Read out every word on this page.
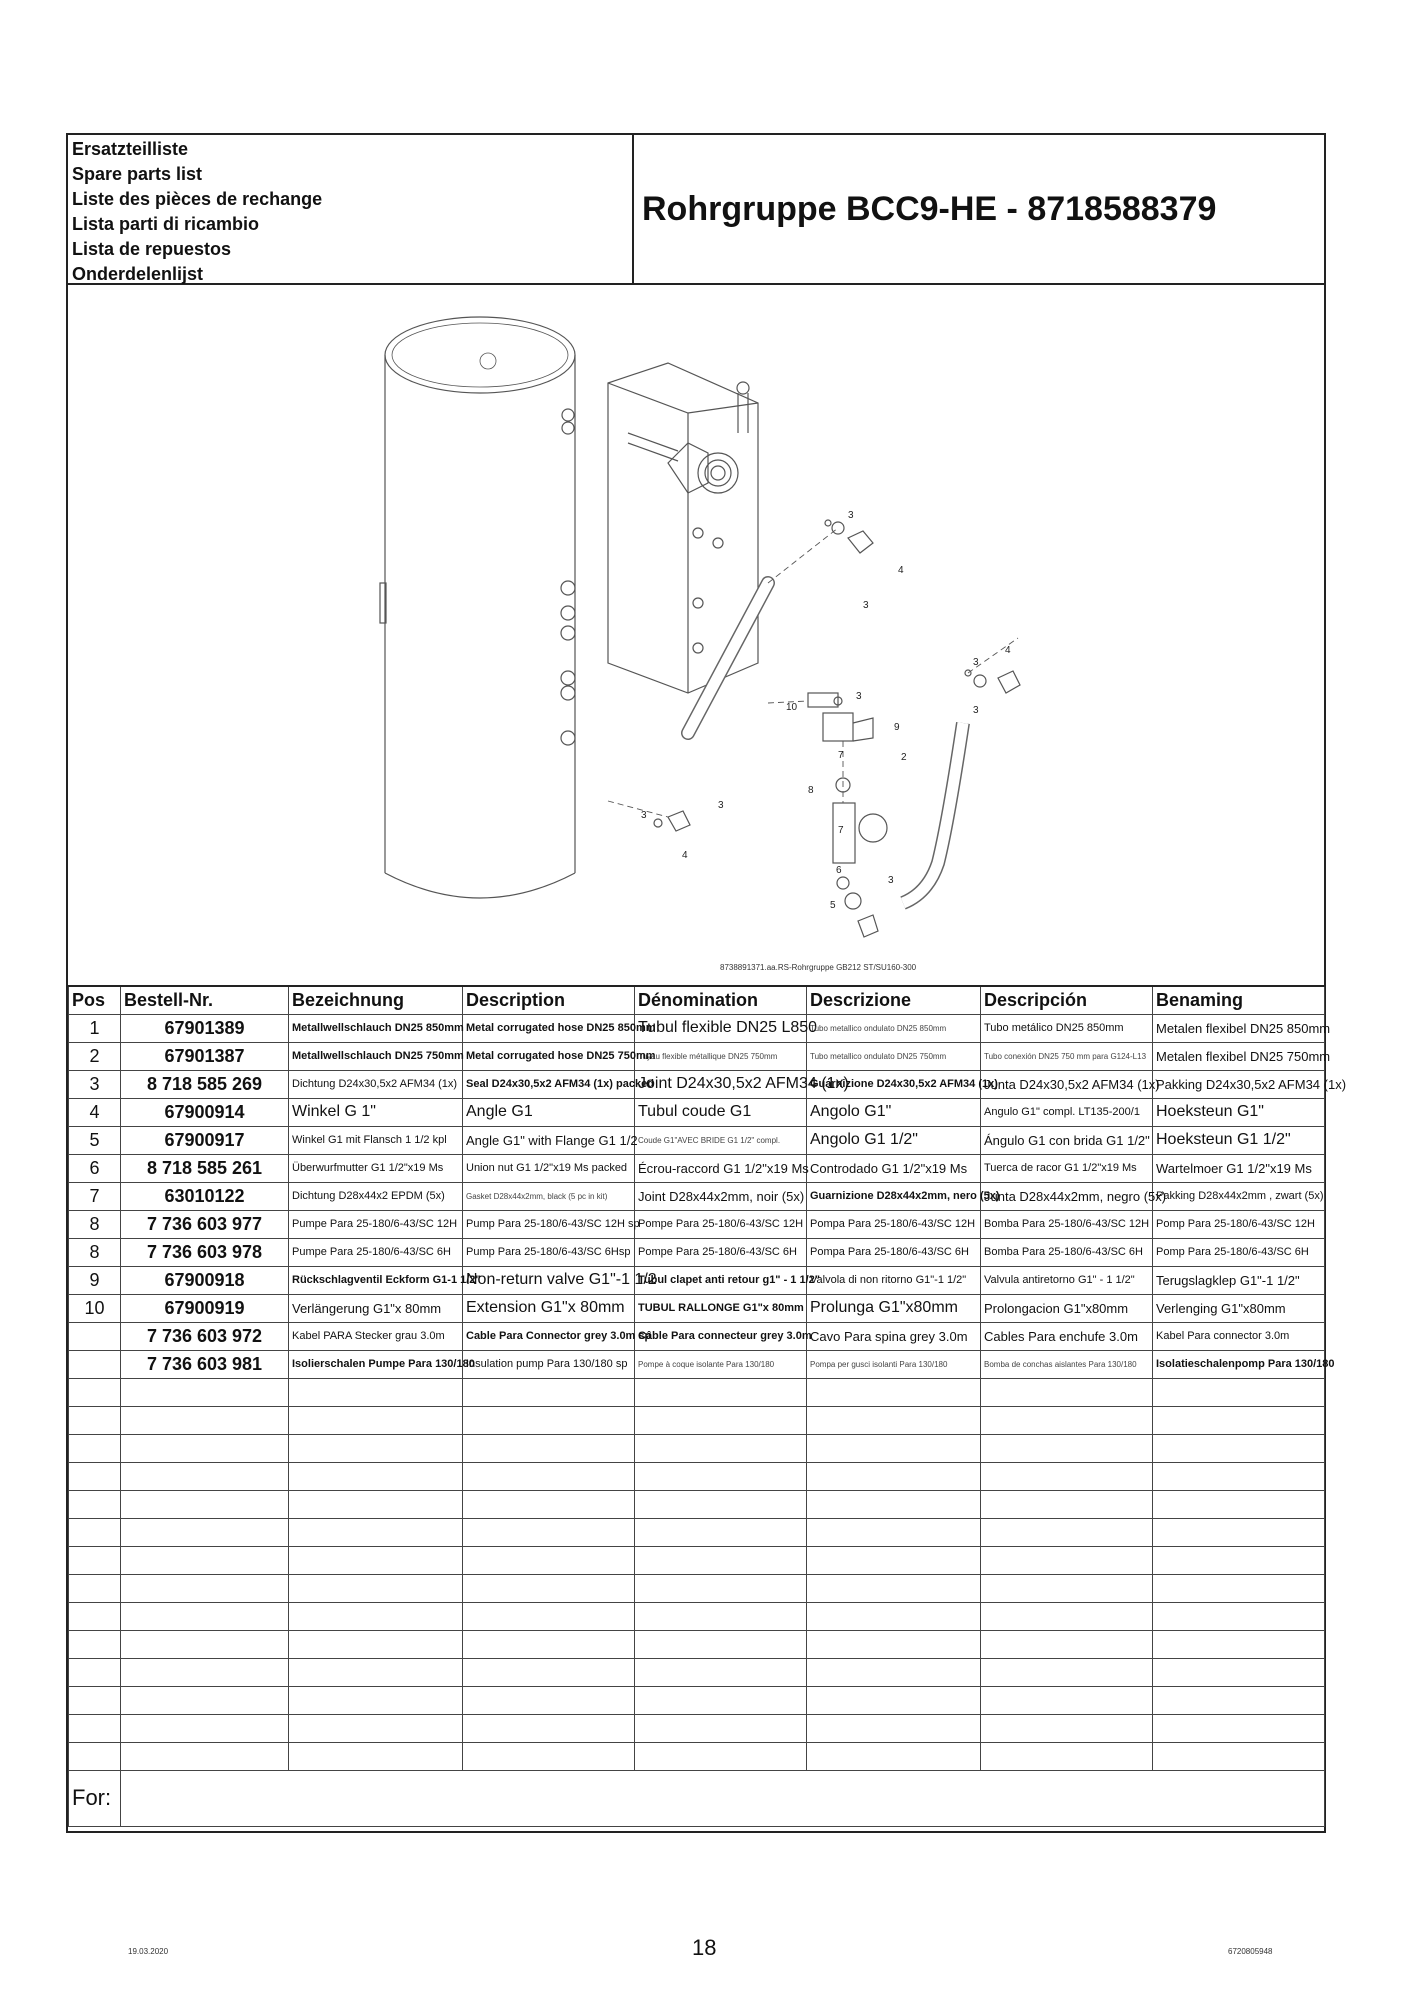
Ersatzteilliste
Spare parts list
Liste des pièces de rechange
Lista parti di ricambio
Lista de repuestos
Onderdelenlijst
Rohrgruppe BCC9-HE - 8718588379
3
4
3
4
3
3
3
10
9
2
7
8
7
6
5
3
3
4
3
8738891371.aa.RS-Rohrgruppe GB212 ST/SU160-300
Pos	Bestell-Nr.	Bezeichnung	Description	Dénomination	Descrizione	Descripción	Benaming
1	67901389	Metallwellschlauch DN25 850mm	Metal corrugated hose DN25 850mm	Tubul flexible DN25 L850	Tubo metallico ondulato DN25 850mm	Tubo metálico DN25 850mm	Metalen flexibel DN25 850mm
2	67901387	Metallwellschlauch DN25 750mm	Metal corrugated hose DN25 750mm	Tuyau flexible métallique DN25 750mm	Tubo metallico ondulato DN25 750mm	Tubo conexión DN25 750 mm para G124-L13	Metalen flexibel DN25 750mm
3	8 718 585 269	Dichtung D24x30,5x2 AFM34 (1x)	Seal D24x30,5x2 AFM34 (1x) packed	Joint D24x30,5x2 AFM34 (1x)	Guarnizione D24x30,5x2 AFM34 (1x)	Junta D24x30,5x2 AFM34 (1x)	Pakking D24x30,5x2 AFM34 (1x)
4	67900914	Winkel G 1"	Angle G1	Tubul coude G1	Angolo G1"	Angulo G1" compl. LT135-200/1	Hoeksteun G1"
5	67900917	Winkel G1 mit Flansch 1 1/2 kpl	Angle G1" with Flange G1 1/2	Coude G1"AVEC BRIDE G1 1/2" compl.	Angolo G1 1/2"	Ángulo G1 con brida G1 1/2"	Hoeksteun G1 1/2"
6	8 718 585 261	Überwurfmutter G1 1/2"x19 Ms	Union nut G1 1/2"x19 Ms packed	Écrou-raccord G1 1/2"x19 Ms	Controdado G1 1/2"x19 Ms	Tuerca de racor G1 1/2"x19 Ms	Wartelmoer G1 1/2"x19 Ms
7	63010122	Dichtung D28x44x2 EPDM (5x)	Gasket D28x44x2mm, black (5 pc in kit)	Joint D28x44x2mm, noir (5x)	Guarnizione D28x44x2mm, nero (5x)	Junta D28x44x2mm, negro (5x)	Pakking D28x44x2mm , zwart (5x)
8	7 736 603 977	Pumpe Para 25-180/6-43/SC 12H	Pump Para 25-180/6-43/SC 12H sp	Pompe Para 25-180/6-43/SC 12H	Pompa Para 25-180/6-43/SC 12H	Bomba Para 25-180/6-43/SC 12H	Pomp Para 25-180/6-43/SC 12H
8	7 736 603 978	Pumpe Para 25-180/6-43/SC 6H	Pump Para 25-180/6-43/SC 6Hsp	Pompe Para 25-180/6-43/SC 6H	Pompa Para 25-180/6-43/SC 6H	Bomba Para 25-180/6-43/SC 6H	Pomp Para 25-180/6-43/SC 6H
9	67900918	Rückschlagventil Eckform G1-1 1/2"	Non-return valve G1"-1 1/2	Tubul clapet anti retour g1" - 1 1/2"	Valvola di non ritorno G1"-1 1/2"	Valvula antiretorno G1" - 1 1/2"	Terugslagklep G1"-1 1/2"
10	67900919	Verlängerung G1"x 80mm	Extension G1"x 80mm	TUBUL RALLONGE G1"x 80mm	Prolunga G1"x80mm	Prolongacion G1"x80mm	Verlenging G1"x80mm
	7 736 603 972	Kabel PARA Stecker grau 3.0m	Cable Para Connector grey 3.0m sp	Câble Para connecteur grey 3.0m	Cavo Para spina grey 3.0m	Cables Para enchufe 3.0m	Kabel Para connector 3.0m
	7 736 603 981	Isolierschalen Pumpe Para 130/180	Insulation pump Para 130/180 sp	Pompe à coque isolante Para 130/180	Pompa per gusci isolanti Para 130/180	Bomba de conchas aislantes Para 130/180	Isolatieschalenpomp Para 130/180

For:							
19.03.2020	18	6720805948
